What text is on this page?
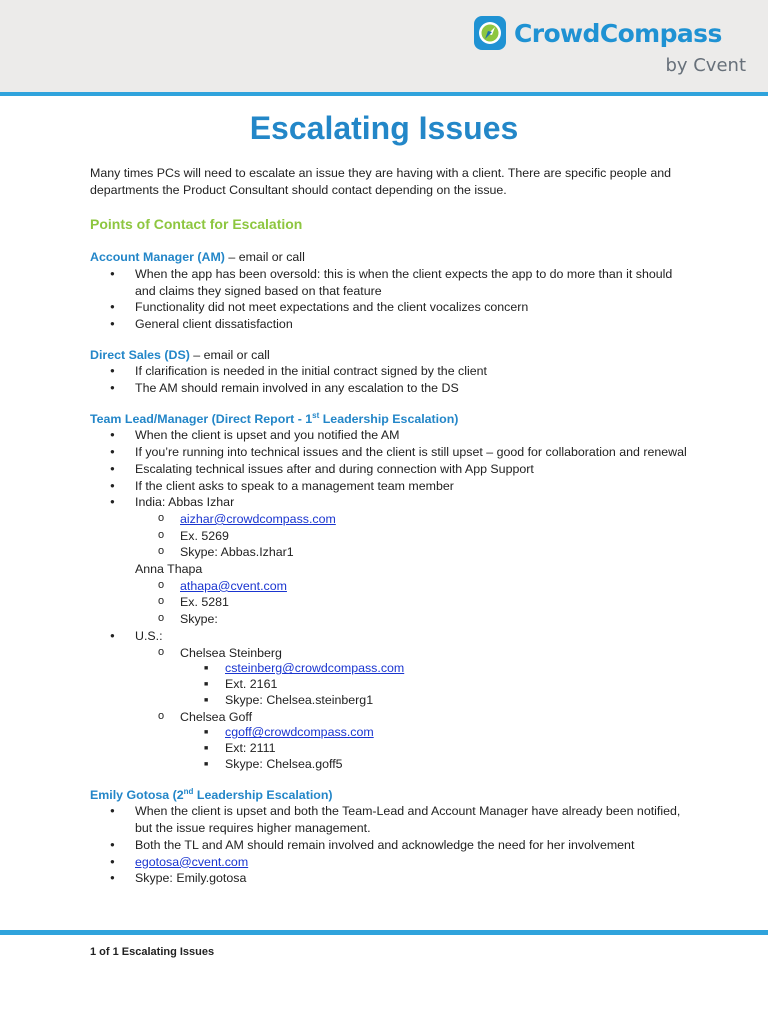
CrowdCompass
by Cvent
Escalating Issues

Many times PCs will need to escalate an issue they are having with a client. There are specific people and departments the Product Consultant should contact depending on the issue.

Points of Contact for Escalation

Account Manager (AM) – email or call

● When the app has been oversold: this is when the client expects the app to do more than it should and claims they signed based on that feature
● Functionality did not meet expectations and the client vocalizes concern
● General client dissatisfaction

Direct Sales (DS) – email or call

● If clarification is needed in the initial contract signed by the client
● The AM should remain involved in any escalation to the DS

Team Lead/Manager (Direct Report - 1st Leadership Escalation)

● When the client is upset and you notified the AM
● If you’re running into technical issues and the client is still upset – good for collaboration and renewal
● Escalating technical issues after and during connection with App Support
● If the client asks to speak to a management team member
● India: Abbas Izhar
o aizhar@crowdcompass.com
o Ex. 5269
o Skype: Abbas.Izhar1
Anna Thapa
o athapa@cvent.com
o Ex. 5281
o Skype:
● U.S.:
o Chelsea Steinberg
■ csteinberg@crowdcompass.com
■ Ext. 2161
■ Skype: Chelsea.steinberg1
o Chelsea Goff
■ cgoff@crowdcompass.com
■ Ext: 2111
■ Skype: Chelsea.goff5

Emily Gotosa (2nd Leadership Escalation)

● When the client is upset and both the Team-Lead and Account Manager have already been notified, but the issue requires higher management.
● Both the TL and AM should remain involved and acknowledge the need for her involvement
● egotosa@cvent.com
● Skype: Emily.gotosa
1 of 1 Escalating Issues
